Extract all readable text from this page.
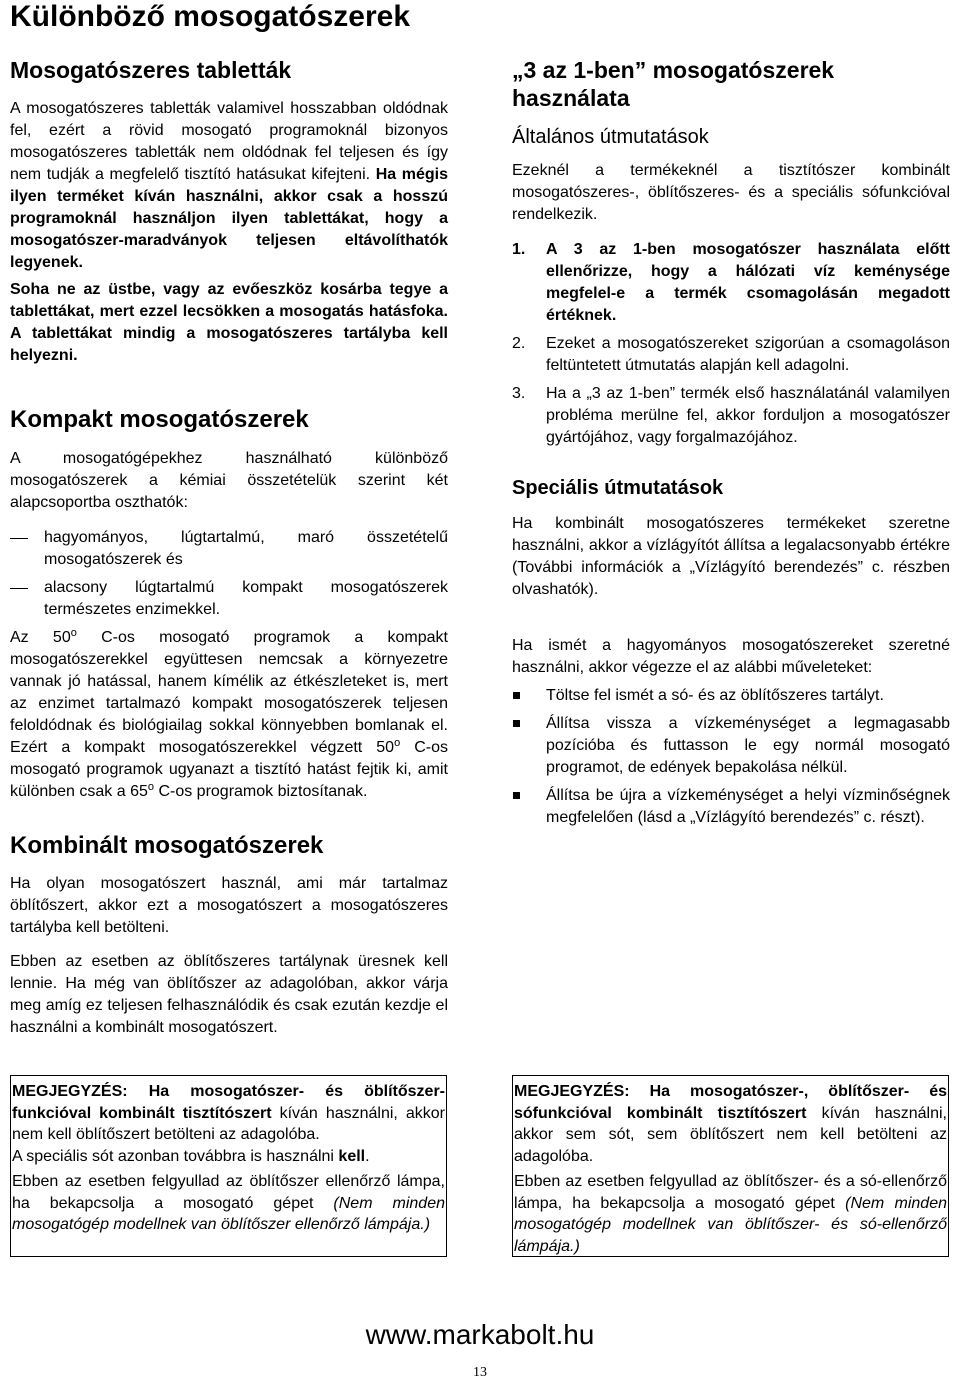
Különböző mosogatószerek
Mosogatószeres tabletták

A mosogatószeres tabletták valamivel hosszabban oldódnak fel, ezért a rövid mosogató programoknál bizonyos mosogatószeres tabletták nem oldódnak fel teljesen és így nem tudják a megfelelő tisztító hatásukat kifejteni. Ha mégis ilyen terméket kíván használni, akkor csak a hosszú programoknál használjon ilyen tablettákat, hogy a mosogatószer-maradványok teljesen eltávolíthatók legyenek.

Soha ne az üstbe, vagy az evőeszköz kosárba tegye a tablettákat, mert ezzel lecsökken a mosogatás hatásfoka. A tablettákat mindig a mosogatószeres tartályba kell helyezni.

Kompakt mosogatószerek

A mosogatógépekhez használható különböző mosogatószerek a kémiai összetételük szerint két alapcsoportba oszthatók:

hagyományos, lúgtartalmú, maró összetételű mosogatószerek és
alacsony lúgtartalmú kompakt mosogatószerek természetes enzimekkel.

Az 50$^o$ C-os mosogató programok a kompakt mosogatószerekkel együttesen nemcsak a környezetre vannak jó hatással, hanem kímélik az étkészleteket is, mert az enzimet tartalmazó kompakt mosogatószerek teljesen feloldódnak és biológiailag sokkal könnyebben bomlanak el. Ezért a kompakt mosogatószerekkel végzett 50$^o$ C-os mosogató programok ugyanazt a tisztító hatást fejtik ki, amit különben csak a 65$^o$ C-os programok biztosítanak.

Kombinált mosogatószerek

Ha olyan mosogatószert használ, ami már tartalmaz öblítőszert, akkor ezt a mosogatószert a mosogatószeres tartályba kell betölteni.

Ebben az esetben az öblítőszeres tartálynak üresnek kell lennie. Ha még van öblítőszer az adagolóban, akkor várja meg amíg ez teljesen felhasználódik és csak ezután kezdje el használni a kombinált mosogatószert.

MEGJEGYZÉS: Ha mosogatószer- és öblítőszer-funkcióval kombinált tisztítószert kíván használni, akkor nem kell öblítőszert betölteni az adagolóba.

A speciális sót azonban továbbra is használni kell.

Ebben az esetben felgyullad az öblítőszer ellenőrző lámpa, ha bekapcsolja a mosogató gépet (Nem minden mosogatógép modellnek van öblítőszer ellenőrző lámpája.)

„3 az 1-ben” mosogatószerek használata
Általános útmutatások

Ezeknél a termékeknél a tisztítószer kombinált mosogatószeres-, öblítőszeres- és a speciális sófunkcióval rendelkezik.

1. A 3 az 1-ben mosogatószer használata előtt ellenőrizze, hogy a hálózati víz keménysége megfelel-e a termék csomagolásán megadott értéknek.
2. Ezeket a mosogatószereket szigorúan a csomagoláson feltüntetett útmutatás alapján kell adagolni.
3. Ha a „3 az 1-ben” termék első használatánál valamilyen probléma merülne fel, akkor forduljon a mosogatószer gyártójához, vagy forgalmazójához.
Speciális útmutatások

Ha kombinált mosogatószeres termékeket szeretne használni, akkor a vízlágyítót állítsa a legalacsonyabb értékre (További információk a „Vízlágyító berendezés” c. részben olvashatók).

Ha ismét a hagyományos mosogatószereket szeretné használni, akkor végezze el az alábbi műveleteket:

Töltse fel ismét a só- és az öblítőszeres tartályt.
Állítsa vissza a vízkeménységet a legmagasabb pozícióba és futtasson le egy normál mosogató programot, de edények bepakolása nélkül.
Állítsa be újra a vízkeménységet a helyi vízminőségnek megfelelően (lásd a „Vízlágyító berendezés” c. részt).

MEGJEGYZÉS: Ha mosogatószer-, öblítőszer- és sófunkcióval kombinált tisztítószert kíván használni, akkor sem sót, sem öblítőszert nem kell betölteni az adagolóba.

Ebben az esetben felgyullad az öblítőszer- és a só-ellenőrző lámpa, ha bekapcsolja a mosogató gépet (Nem minden mosogatógép modellnek van öblítőszer- és só-ellenőrző lámpája.)

www.markabolt.hu
13
